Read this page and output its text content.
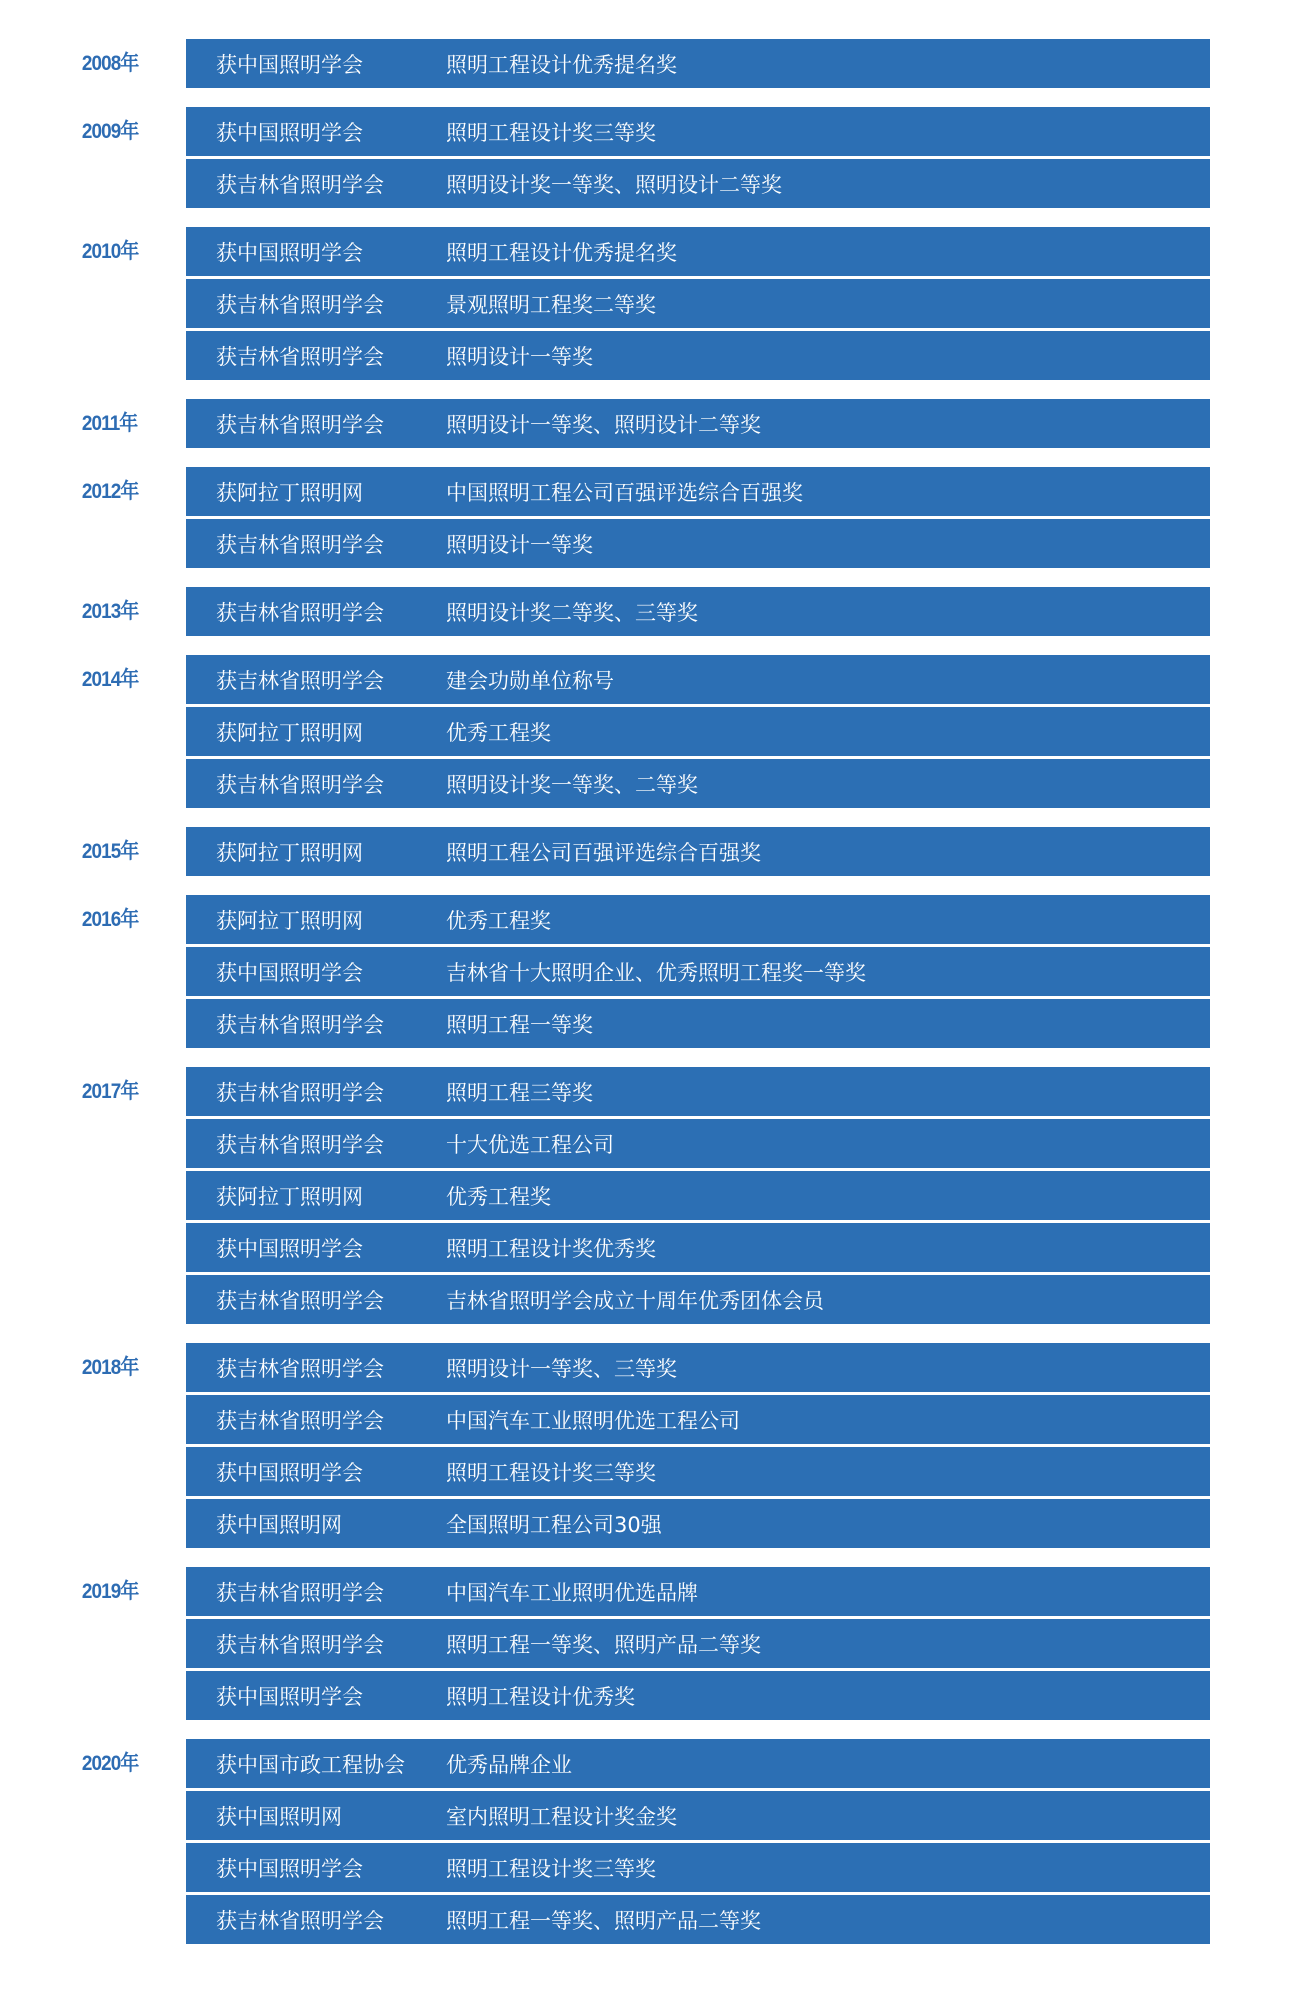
2008年	获中国照明学会	照明工程设计优秀提名奖
2009年	获中国照明学会	照明工程设计奖三等奖
获吉林省照明学会	照明设计奖一等奖、照明设计二等奖
2010年	获中国照明学会	照明工程设计优秀提名奖
获吉林省照明学会	景观照明工程奖二等奖
获吉林省照明学会	照明设计一等奖
2011年	获吉林省照明学会	照明设计一等奖、照明设计二等奖
2012年	获阿拉丁照明网	中国照明工程公司百强评选综合百强奖
获吉林省照明学会	照明设计一等奖
2013年	获吉林省照明学会	照明设计奖二等奖、三等奖
2014年	获吉林省照明学会	建会功勋单位称号
获阿拉丁照明网	优秀工程奖
获吉林省照明学会	照明设计奖一等奖、二等奖
2015年	获阿拉丁照明网	照明工程公司百强评选综合百强奖
2016年	获阿拉丁照明网	优秀工程奖
获中国照明学会	吉林省十大照明企业、优秀照明工程奖一等奖
获吉林省照明学会	照明工程一等奖
2017年	获吉林省照明学会	照明工程三等奖
获吉林省照明学会	十大优选工程公司
获阿拉丁照明网	优秀工程奖
获中国照明学会	照明工程设计奖优秀奖
获吉林省照明学会	吉林省照明学会成立十周年优秀团体会员
2018年	获吉林省照明学会	照明设计一等奖、三等奖
获吉林省照明学会	中国汽车工业照明优选工程公司
获中国照明学会	照明工程设计奖三等奖
获中国照明网	全国照明工程公司30强
2019年	获吉林省照明学会	中国汽车工业照明优选品牌
获吉林省照明学会	照明工程一等奖、照明产品二等奖
获中国照明学会	照明工程设计优秀奖
2020年	获中国市政工程协会	优秀品牌企业
获中国照明网	室内照明工程设计奖金奖
获中国照明学会	照明工程设计奖三等奖
获吉林省照明学会	照明工程一等奖、照明产品二等奖
